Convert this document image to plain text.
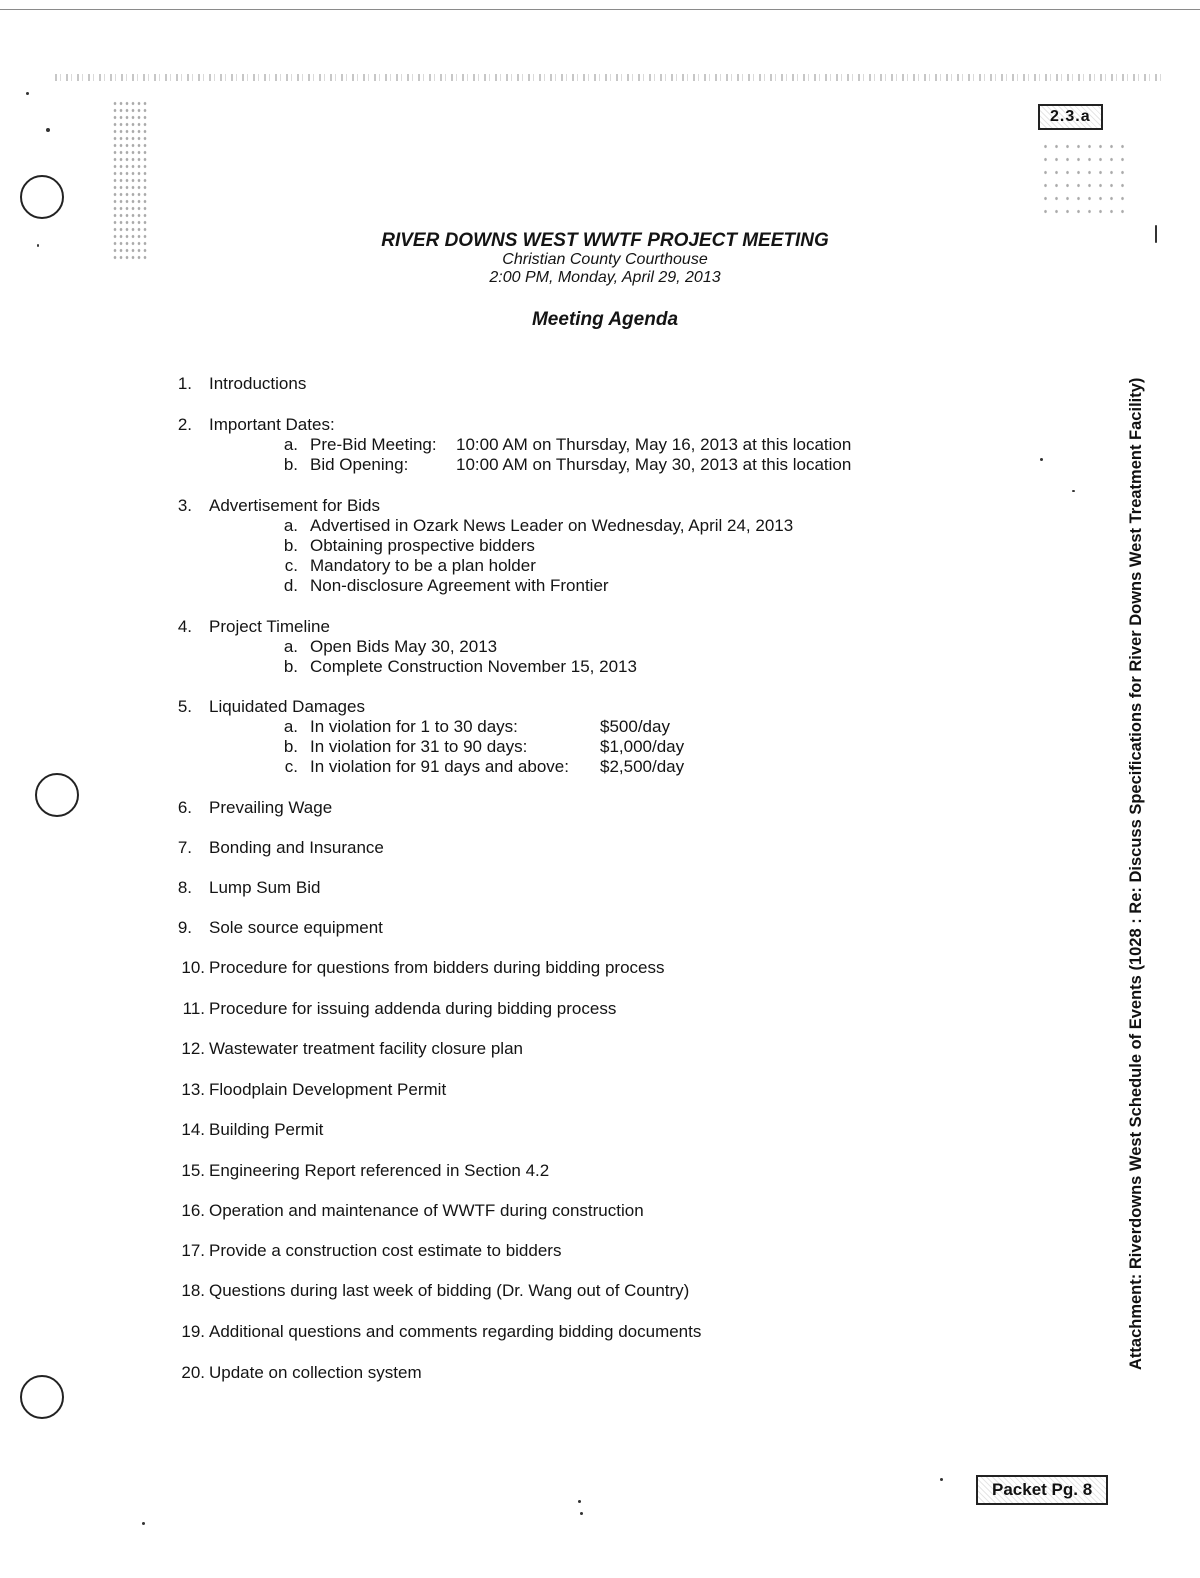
2.3.a
Packet Pg. 8
Attachment: Riverdowns West Schedule of Events (1028 : Re: Discuss Specifications for River Downs West Treatment Facility)
RIVER DOWNS WEST WWTF PROJECT MEETING
Christian County Courthouse
2:00 PM, Monday, April 29, 2013
Meeting Agenda
1. Introductions
2. Important Dates:
a. Pre-Bid Meeting: 10:00 AM on Thursday, May 16, 2013 at this location
b. Bid Opening:	10:00 AM on Thursday, May 30, 2013 at this location
3. Advertisement for Bids
a. Advertised in Ozark News Leader on Wednesday, April 24, 2013
b. Obtaining prospective bidders
c. Mandatory to be a plan holder
d. Non-disclosure Agreement with Frontier
4. Project Timeline
a. Open Bids May 30, 2013
b. Complete Construction November 15, 2013
5. Liquidated Damages
a. In violation for 1 to 30 days:	$500/day
b. In violation for 31 to 90 days:	$1,000/day
c. In violation for 91 days and above: $2,500/day
6. Prevailing Wage
7. Bonding and Insurance
8. Lump Sum Bid
9. Sole source equipment
10. Procedure for questions from bidders during bidding process
11. Procedure for issuing addenda during bidding process
12. Wastewater treatment facility closure plan
13. Floodplain Development Permit
14. Building Permit
15. Engineering Report referenced in Section 4.2
16. Operation and maintenance of WWTF during construction
17. Provide a construction cost estimate to bidders
18. Questions during last week of bidding (Dr. Wang out of Country)
19. Additional questions and comments regarding bidding documents
20. Update on collection system
